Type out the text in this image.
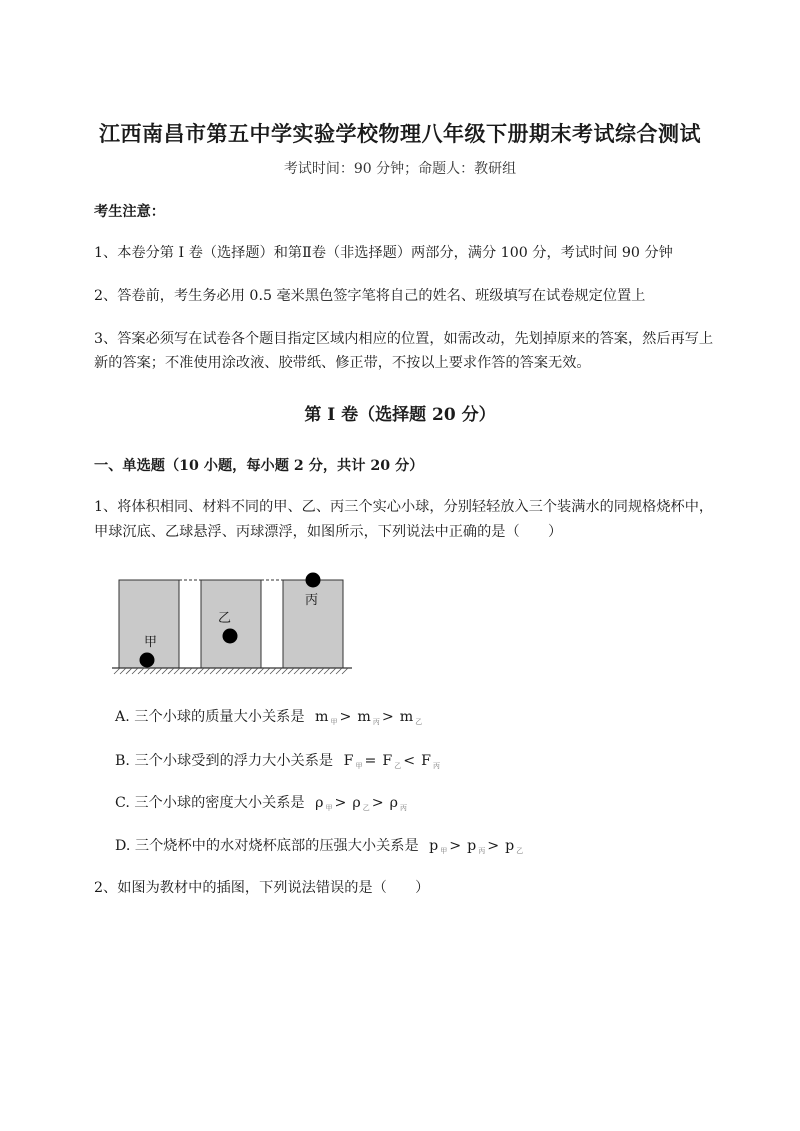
江西南昌市第五中学实验学校物理八年级下册期末考试综合测试
考试时间：90 分钟；命题人：教研组
考生注意：
1、本卷分第 I 卷（选择题）和第Ⅱ卷（非选择题）两部分，满分 100 分，考试时间 90 分钟
2、答卷前，考生务必用 0.5 毫米黑色签字笔将自己的姓名、班级填写在试卷规定位置上
3、答案必须写在试卷各个题目指定区域内相应的位置，如需改动，先划掉原来的答案，然后再写上新的答案；不准使用涂改液、胶带纸、修正带，不按以上要求作答的答案无效。
第 I 卷（选择题 20 分）
一、单选题（10 小题，每小题 2 分，共计 20 分）
1、将体积相同、材料不同的甲、乙、丙三个实心小球，分别轻轻放入三个装满水的同规格烧杯中，甲球沉底、乙球悬浮、丙球漂浮，如图所示，下列说法中正确的是（　　）
甲
乙
丙
A. 三个小球的质量大小关系是 m $_甲$ > m $_丙$ > m $_乙$
B. 三个小球受到的浮力大小关系是 F $_甲$ = F $_乙$ < F $_丙$
C. 三个小球的密度大小关系是 ρ $_甲$ > ρ $_乙$ > ρ $_丙$
D. 三个烧杯中的水对烧杯底部的压强大小关系是 p $_甲$ > p $_丙$ > p $_乙$
2、如图为教材中的插图，下列说法错误的是（　　）
